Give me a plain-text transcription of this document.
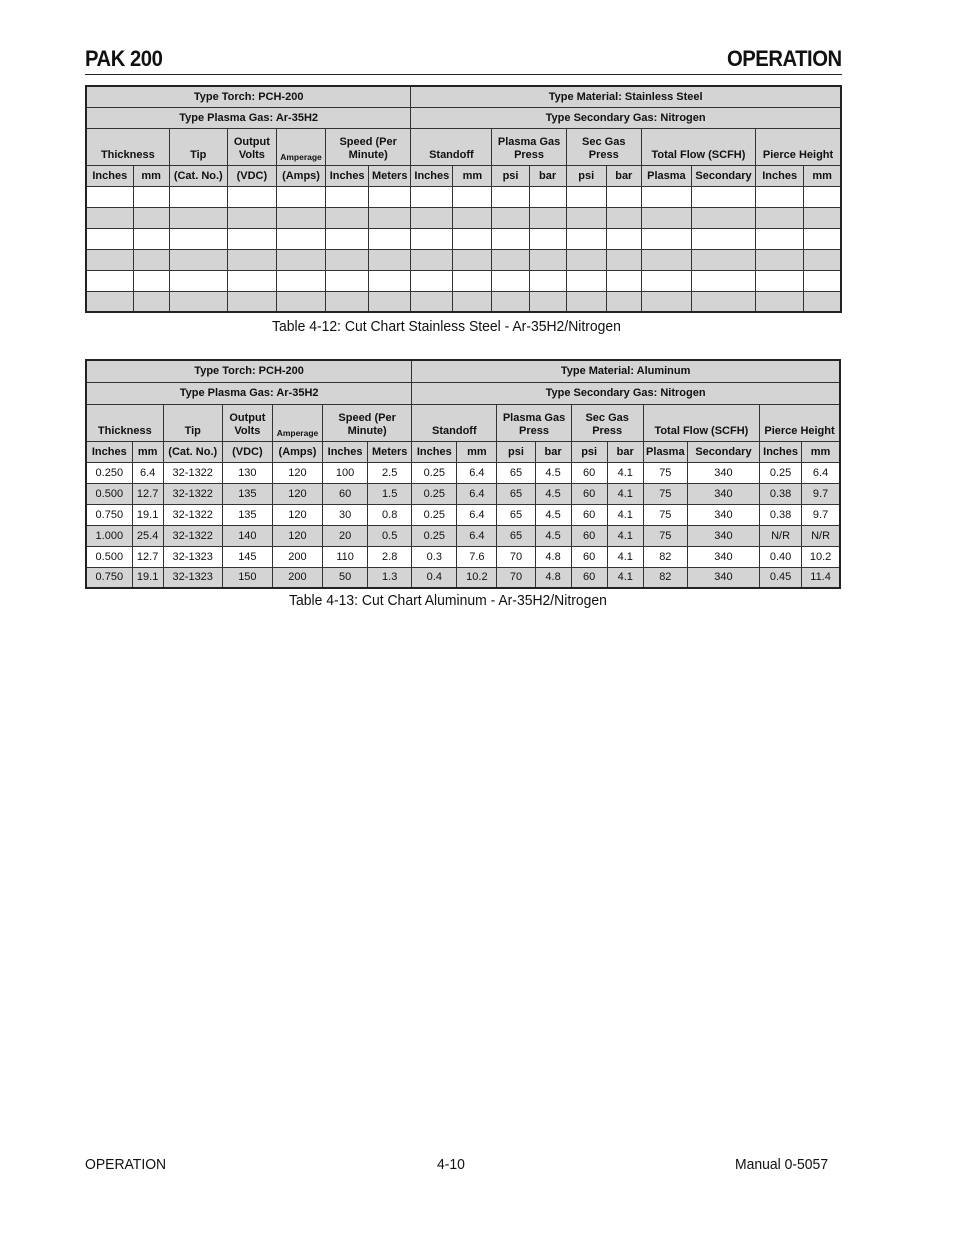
PAK 200	OPERATION
Type Torch: PCH-200							Type Material: Stainless Steel									
Type Plasma Gas: Ar-35H2							Type Secondary Gas: Nitrogen									
Thickness		Tip	Output Volts	Amperage	Speed (Per Minute)		Standoff		Plasma Gas Press		Sec Gas Press		Total Flow (SCFH)		Pierce Height	
Inches	mm	(Cat. No.)	(VDC)	(Amps)	Inches	Meters	Inches	mm	psi	bar	psi	bar	Plasma	Secondary	Inches	mm

Table 4-12: Cut Chart Stainless Steel - Ar-35H2/Nitrogen
Type Torch: PCH-200							Type Material: Aluminum									
Type Plasma Gas: Ar-35H2							Type Secondary Gas: Nitrogen									
Thickness		Tip	Output Volts	Amperage	Speed (Per Minute)		Standoff		Plasma Gas Press		Sec Gas Press		Total Flow (SCFH)		Pierce Height	
Inches	mm	(Cat. No.)	(VDC)	(Amps)	Inches	Meters	Inches	mm	psi	bar	psi	bar	Plasma	Secondary	Inches	mm
0.250	6.4	32-1322	130	120	100	2.5	0.25	6.4	65	4.5	60	4.1	75	340	0.25	6.4
0.500	12.7	32-1322	135	120	60	1.5	0.25	6.4	65	4.5	60	4.1	75	340	0.38	9.7
0.750	19.1	32-1322	135	120	30	0.8	0.25	6.4	65	4.5	60	4.1	75	340	0.38	9.7
1.000	25.4	32-1322	140	120	20	0.5	0.25	6.4	65	4.5	60	4.1	75	340	N/R	N/R
0.500	12.7	32-1323	145	200	110	2.8	0.3	7.6	70	4.8	60	4.1	82	340	0.40	10.2
0.750	19.1	32-1323	150	200	50	1.3	0.4	10.2	70	4.8	60	4.1	82	340	0.45	11.4
Table 4-13: Cut Chart Aluminum - Ar-35H2/Nitrogen
OPERATION	4-10	Manual 0-5057
